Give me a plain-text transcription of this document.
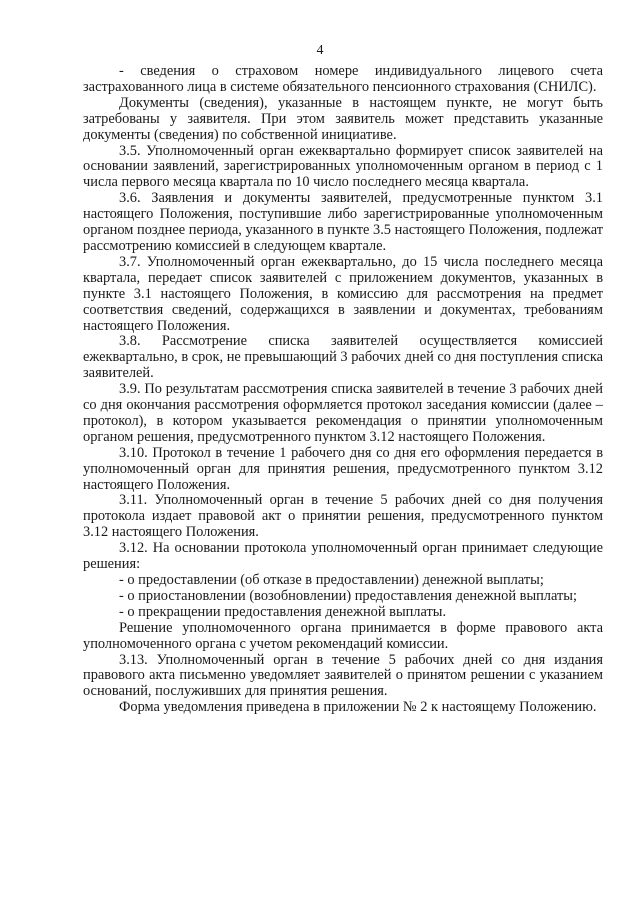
4

- сведения о страховом номере индивидуального лицевого счета застрахованного лица в системе обязательного пенсионного страхования (СНИЛС).

Документы (сведения), указанные в настоящем пункте, не могут быть затребованы у заявителя. При этом заявитель может представить указанные документы (сведения) по собственной инициативе.

3.5. Уполномоченный орган ежеквартально формирует список заявителей на основании заявлений, зарегистрированных уполномоченным органом в период с 1 числа первого месяца квартала по 10 число последнего месяца квартала.

3.6. Заявления и документы заявителей, предусмотренные пунктом 3.1 настоящего Положения, поступившие либо зарегистрированные уполномоченным органом позднее периода, указанного в пункте 3.5 настоящего Положения, подлежат рассмотрению комиссией в следующем квартале.

3.7. Уполномоченный орган ежеквартально, до 15 числа последнего месяца квартала, передает список заявителей с приложением документов, указанных в пункте 3.1 настоящего Положения, в комиссию для рассмотрения на предмет соответствия сведений, содержащихся в заявлении и документах, требованиям настоящего Положения.

3.8. Рассмотрение списка заявителей осуществляется комиссией ежеквартально, в срок, не превышающий 3 рабочих дней со дня поступления списка заявителей.

3.9. По результатам рассмотрения списка заявителей в течение 3 рабочих дней со дня окончания рассмотрения оформляется протокол заседания комиссии (далее – протокол), в котором указывается рекомендация о принятии уполномоченным органом решения, предусмотренного пунктом 3.12 настоящего Положения.

3.10. Протокол в течение 1 рабочего дня со дня его оформления передается в уполномоченный орган для принятия решения, предусмотренного пунктом 3.12 настоящего Положения.

3.11. Уполномоченный орган в течение 5 рабочих дней со дня получения протокола издает правовой акт о принятии решения, предусмотренного пунктом 3.12 настоящего Положения.

3.12. На основании протокола уполномоченный орган принимает следующие решения:

- о предоставлении (об отказе в предоставлении) денежной выплаты;

- о приостановлении (возобновлении) предоставления денежной выплаты;

- о прекращении предоставления денежной выплаты.

Решение уполномоченного органа принимается в форме правового акта уполномоченного органа с учетом рекомендаций комиссии.

3.13. Уполномоченный орган в течение 5 рабочих дней со дня издания правового акта письменно уведомляет заявителей о принятом решении с указанием оснований, послуживших для принятия решения.

Форма уведомления приведена в приложении № 2 к настоящему Положению.
